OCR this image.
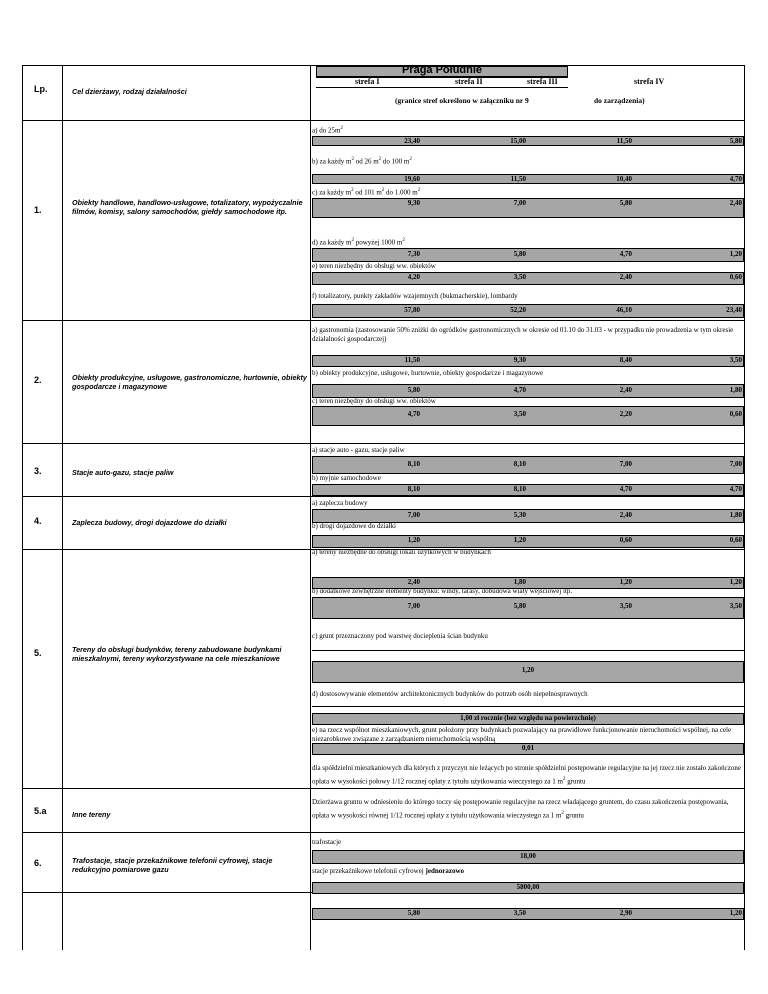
Lp.	Cel dzierżawy, rodzaj działalności
Praga Południe
strefa I	strefa II	strefa III	strefa IV
(granice stref określono w załączniku nr 9	do zarządzenia)
1.
Obiekty handlowe, handlowo-usługowe, totalizatory, wypożyczalnie filmów, komisy, salony samochodów, giełdy samochodowe itp.
a) do $25m^2$
23,40	15,00	11,50	5,80
b) za każdy $m^2$ od 26 $m^2$ do 100 $m^2$
19,60	11,50	10,40	4,70
c) za każdy $m^2$ od 101 $m^2$ do 1.000 $m^2$
9,30	7,00	5,80	2,40
d) za każdy $m^2$ powyżej 1000 $m^2$
7,30	5,80	4,70	1,20
e) teren niezbędny do obsługi ww. obiektów
4,20	3,50	2,40	0,60
f) totalizatory, punkty zakładów wzajemnych (bukmacherskie), lombardy
57,80	52,20	46,10	23,40
2.	Obiekty produkcyjne, usługowe, gastronomiczne, hurtownie, obiekty gospodarcze i magazynowe
a) gastronomia (zastosowanie 50% zniżki do ogródków gastronomicznych w okresie od 01.10 do 31.03 - w przypadku nie prowadzenia w tym okresie działalności gospodarczej)
11,50	9,30	8,40	3,50
b) obiekty produkcyjne, usługowe, hurtownie, obiekty gospodarcze i magazynowe
5,80	4,70	2,40	1,80
c) teren niezbędny do obsługi ww. obiektów
4,70	3,50	2,20	0,60
3.	Stacje auto-gazu, stacje paliw
a) stacje auto - gazu, stacje paliw
8,10	8,10	7,00	7,00
b) myjnie samochodowe
8,10	8,10	4,70	4,70
4.	Zaplecza budowy, drogi dojazdowe do działki
a) zaplecza budowy
7,00	5,30	2,40	1,80
b) drogi dojazdowe do działki
1,20	1,20	0,60	0,60
5.	Tereny do obsługi budynków, tereny zabudowane budynkami mieszkalnymi, tereny wykorzystywane na cele mieszkaniowe
a) tereny niezbędne do obsługi lokali użytkowych w budynkach
2,40	1,80	1,20	1,20
b) dodatkowe zewnętrzne elementy budynku: windy, tarasy, dobudowa wiaty wejściowej itp.
7,00	5,80	3,50	3,50
c) grunt przeznaczony pod warstwę docieplenia ścian budynku
1,20
d) dostosowywanie elementów architektonicznych budynków do potrzeb osób niepełnosprawnych
1,00 zł rocznie (bez względu na powierzchnię)
e) na rzecz wspólnot mieszkaniowych, grunt położony przy budynkach pozwalający na prawidłowe funkcjonowanie nieruchomości wspólnej, na cele niezarobkowe związane z zarządzaniem nieruchomością wspólną
0,01
dla spółdzielni mieszkaniowych dla których z przyczyn nie leżących po stronie spółdzielni postępowanie regulacyjne na jej rzecz nie zostało zakończone opłata w wysokości połowy 1/12 rocznej opłaty z tytułu użytkowania wieczystego za 1 $m^2$ gruntu
5.a	Inne tereny
Dzierżawa gruntu w odniesieniu do którego toczy się postępowanie regulacyjne na rzecz władającego gruntem, do czasu zakończenia postępowania, opłata w wysokości równej 1/12 rocznej opłaty z tytułu użytkowania wieczystego za 1 $m^2$ gruntu
6.	Trafostacje, stacje przekaźnikowe telefonii cyfrowej, stacje redukcyjno pomiarowe gazu
trafostacje
18,00
stacje przekaźnikowe telefonii cyfrowej jednorazowo
5800,00
5,80	3,50	2,90	1,20
